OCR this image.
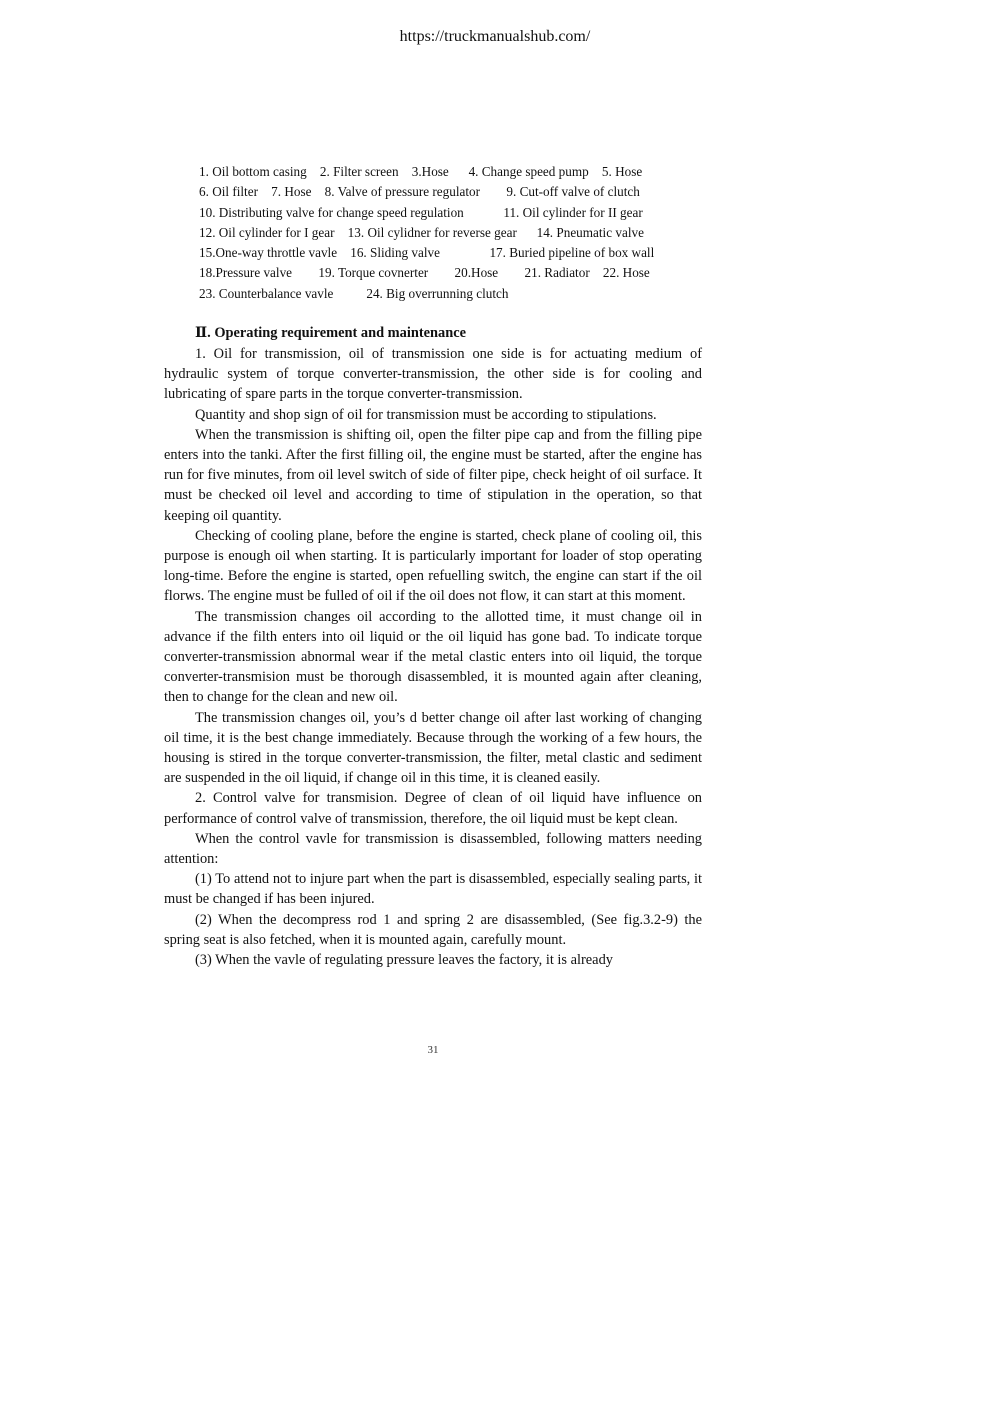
https://truckmanualshub.com/
1. Oil bottom casing    2. Filter screen    3.Hose      4. Change speed pump    5. Hose
6. Oil filter    7. Hose    8. Valve of pressure regulator        9. Cut-off valve of clutch
10. Distributing valve for change speed regulation            11. Oil cylinder for II gear
12. Oil cylinder for I gear    13. Oil cylidner for reverse gear      14. Pneumatic valve
15.One-way throttle vavle    16. Sliding valve               17. Buried pipeline of box wall
18.Pressure valve        19. Torque covnerter        20.Hose        21. Radiator    22. Hose
23. Counterbalance vavle          24. Big overrunning clutch
Ⅱ. Operating requirement and maintenance

1. Oil for transmission, oil of transmission one side is for actuating medium of hydraulic system of torque converter-transmission, the other side is for cooling and lubricating of spare parts in the torque converter-transmission.

Quantity and shop sign of oil for transmission must be according to stipulations.

When the transmission is shifting oil, open the filter pipe cap and from the filling pipe enters into the tanki. After the first filling oil, the engine must be started, after the engine has run for five minutes, from oil level switch of side of filter pipe, check height of oil surface. It must be checked oil level and according to time of stipulation in the operation, so that keeping oil quantity.

Checking of cooling plane, before the engine is started, check plane of cooling oil, this purpose is enough oil when starting. It is particularly important for loader of stop operating long-time. Before the engine is started, open refuelling switch, the engine can start if the oil florws. The engine must be fulled of oil if the oil does not flow, it can start at this moment.

The transmission changes oil according to the allotted time, it must change oil in advance if the filth enters into oil liquid or the oil liquid has gone bad. To indicate torque converter-transmission abnormal wear if the metal clastic enters into oil liquid, the torque converter-transmision must be thorough disassembled, it is mounted again after cleaning, then to change for the clean and new oil.

The transmission changes oil, you’s d better change oil after last working of changing oil time, it is the best change immediately. Because through the working of a few hours, the housing is stired in the torque converter-transmission, the filter, metal clastic and sediment are suspended in the oil liquid, if change oil in this time, it is cleaned easily.

2. Control valve for transmision. Degree of clean of oil liquid have influence on performance of control valve of transmission, therefore, the oil liquid must be kept clean.

When the control vavle for transmission is disassembled, following matters needing attention:

(1) To attend not to injure part when the part is disassembled, especially sealing parts, it must be changed if has been injured.

(2) When the decompress rod 1 and spring 2 are disassembled, (See fig.3.2-9) the spring seat is also fetched, when it is mounted again, carefully mount.

(3) When the vavle of regulating pressure leaves the factory, it is already

31
